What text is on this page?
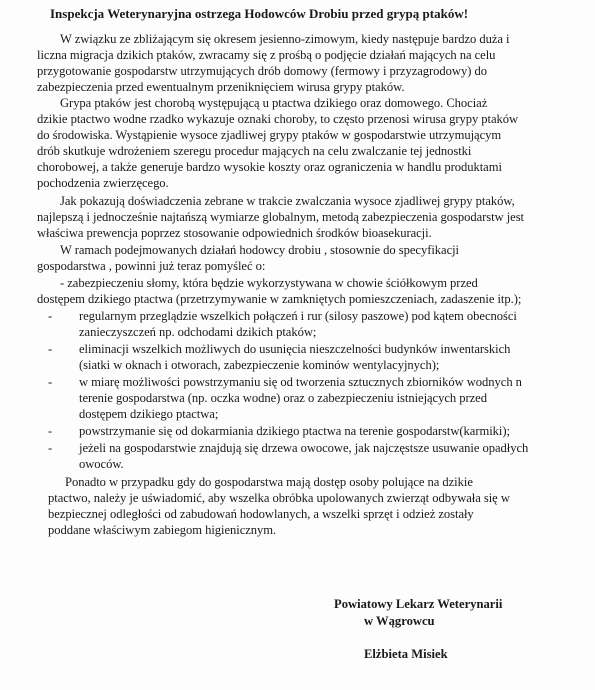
Inspekcja Weterynaryjna ostrzega Hodowców Drobiu przed grypą ptaków!
W związku ze zbliżającym się okresem jesienno-zimowym, kiedy następuje bardzo duża i
liczna migracja dzikich ptaków, zwracamy się z prośbą o podjęcie działań mających na celu
przygotowanie gospodarstw utrzymujących drób domowy (fermowy i przyzagrodowy) do
zabezpieczenia przed ewentualnym przeniknięciem wirusa grypy ptaków.
Grypa ptaków jest chorobą występującą u ptactwa dzikiego oraz domowego. Chociaż
dzikie ptactwo wodne rzadko wykazuje oznaki choroby, to często przenosi wirusa grypy ptaków
do środowiska. Wystąpienie wysoce zjadliwej grypy ptaków w gospodarstwie utrzymującym
drób skutkuje wdrożeniem szeregu procedur mających na celu zwalczanie tej jednostki
chorobowej, a także generuje bardzo wysokie koszty oraz ograniczenia w handlu produktami
pochodzenia zwierzęcego.
Jak pokazują doświadczenia zebrane w trakcie zwalczania wysoce zjadliwej grypy ptaków,
najlepszą i jednocześnie najtańszą wymiarze globalnym, metodą zabezpieczenia gospodarstw jest
właściwa prewencja poprzez stosowanie odpowiednich środków bioasekuracji.
W ramach podejmowanych działań hodowcy drobiu , stosownie do specyfikacji
gospodarstwa , powinni już teraz pomyśleć o:
- zabezpieczeniu słomy, która będzie wykorzystywana w chowie ściółkowym przed
dostępem dzikiego ptactwa (przetrzymywanie w zamkniętych pomieszczeniach, zadaszenie itp.);
- regularnym przeglądzie wszelkich połączeń i rur (silosy paszowe) pod kątem obecności
zanieczyszczeń np. odchodami dzikich ptaków;
- eliminacji wszelkich możliwych do usunięcia nieszczelności budynków inwentarskich
(siatki w oknach i otworach, zabezpieczenie kominów wentylacyjnych);
- w miarę możliwości powstrzymaniu się od tworzenia sztucznych zbiorników wodnych n
terenie gospodarstwa (np. oczka wodne) oraz o zabezpieczeniu istniejących przed
dostępem dzikiego ptactwa;
- powstrzymanie się od dokarmiania dzikiego ptactwa na terenie gospodarstw(karmiki);
- jeżeli na gospodarstwie znajdują się drzewa owocowe, jak najczęstsze usuwanie opadłych
owoców.
Ponadto w przypadku gdy do gospodarstwa mają dostęp osoby polujące na dzikie
ptactwo, należy je uświadomić, aby wszelka obróbka upolowanych zwierząt odbywała się w
bezpiecznej odległości od zabudowań hodowlanych, a wszelki sprzęt i odzież zostały
poddane właściwym zabiegom higienicznym.
Powiatowy Lekarz Weterynarii
w Wągrowcu
Elżbieta Misiek
